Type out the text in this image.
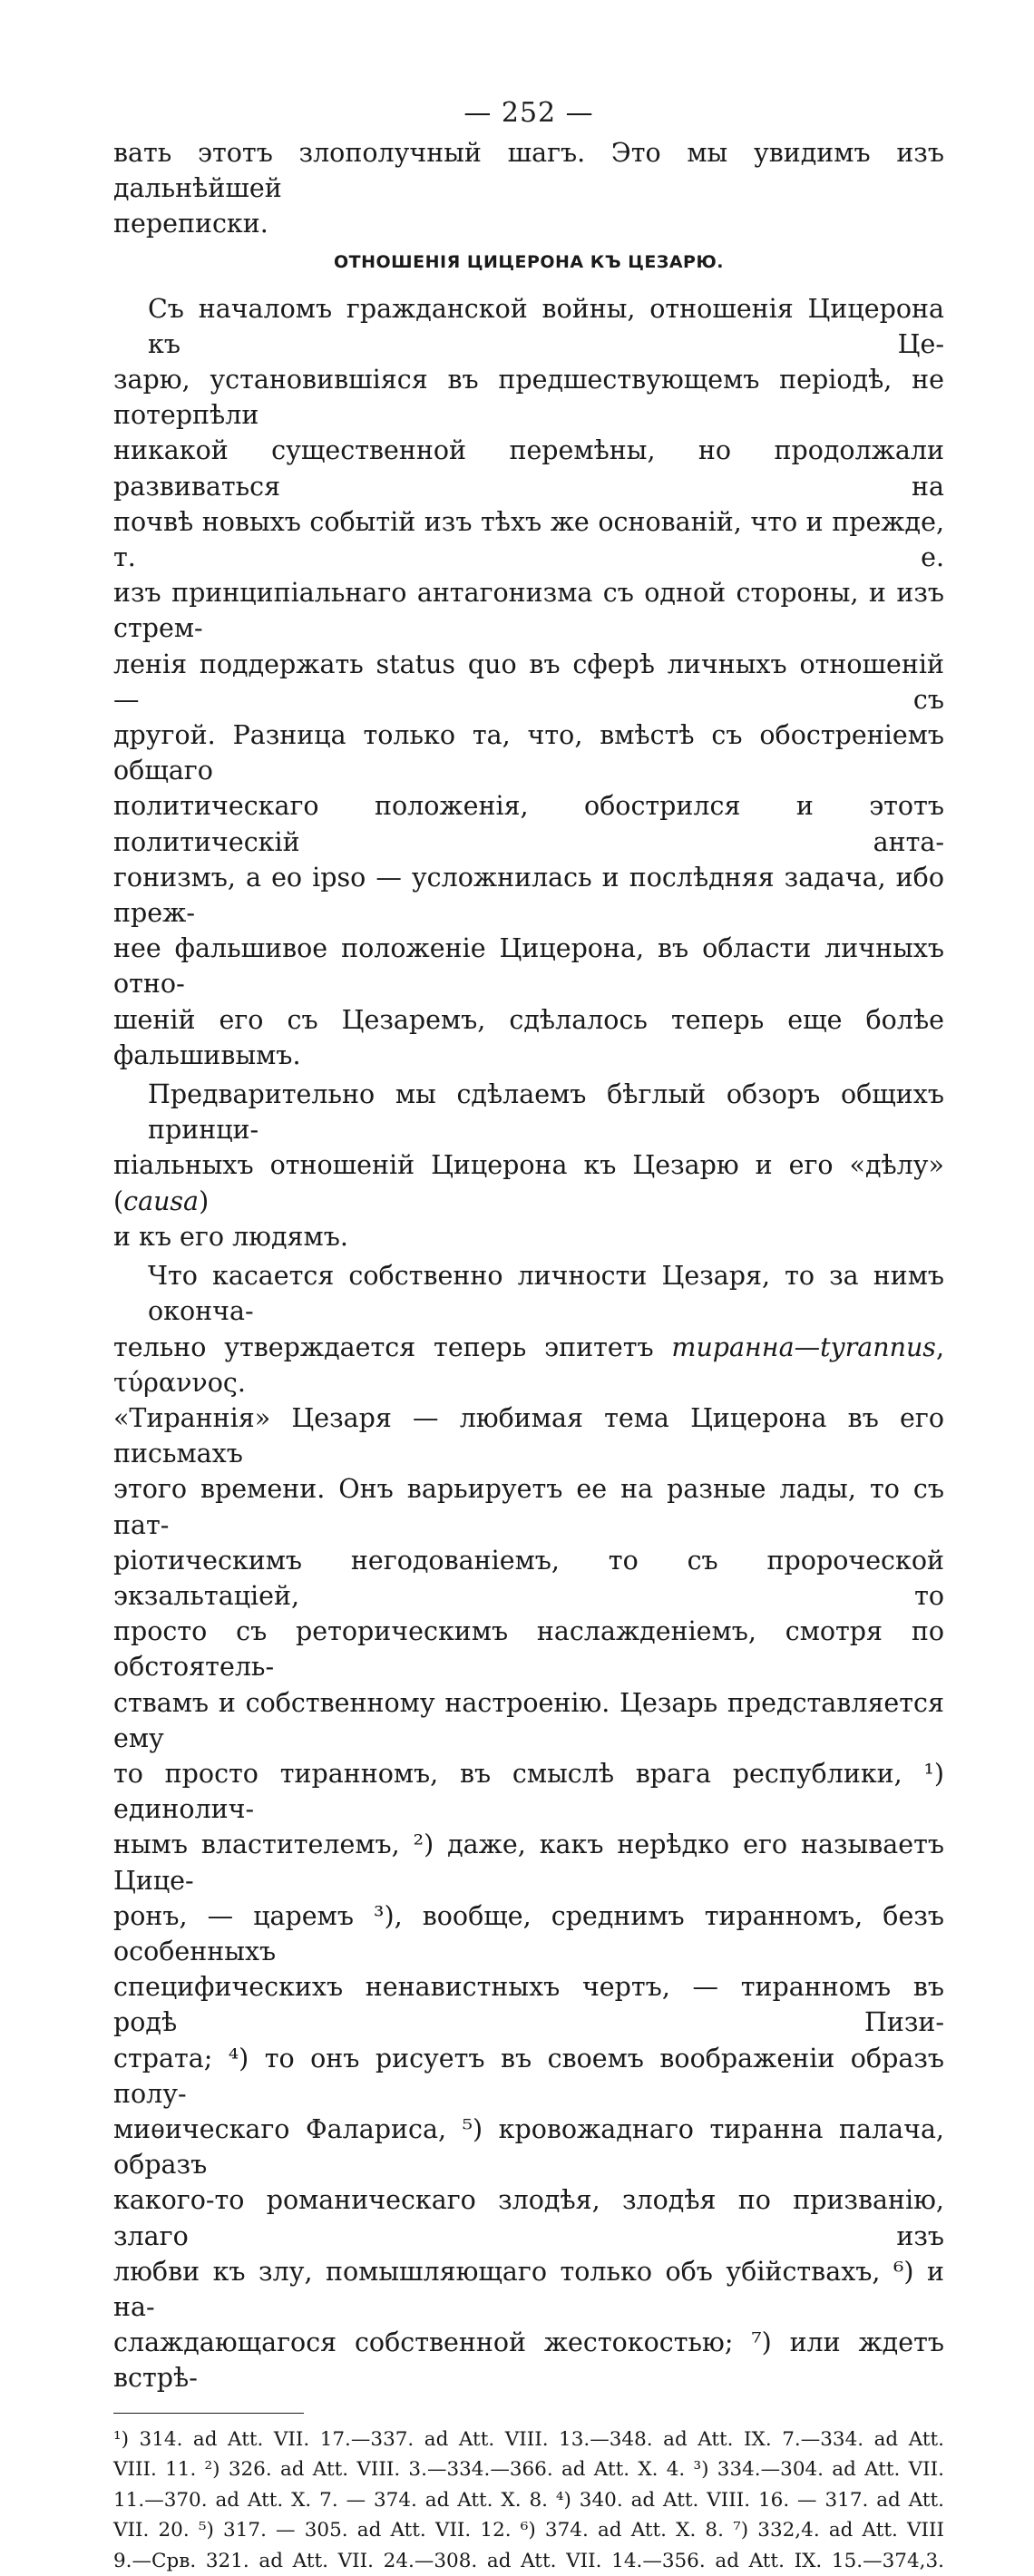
— 252 —
вать этотъ злополучный шагъ. Это мы увидимъ изъ дальнѣйшей
переписки.
ОТНОШЕНІЯ ЦИЦЕРОНА КЪ ЦЕЗАРЮ.
Съ началомъ гражданской войны, отношенія Цицерона къ Це-
зарю, установившіяся въ предшествующемъ періодѣ, не потерпѣли
никакой существенной перемѣны, но продолжали развиваться на
почвѣ новыхъ событій изъ тѣхъ же основаній, что и прежде, т. е.
изъ принципіальнаго антагонизма съ одной стороны, и изъ стрем-
ленія поддержать status quo въ сферѣ личныхъ отношеній — съ
другой. Разница только та, что, вмѣстѣ съ обостреніемъ общаго
политическаго положенія, обострился и этотъ политическій анта-
гонизмъ, а eo ipso — усложнилась и послѣдняя задача, ибо преж-
нее фальшивое положеніе Цицерона, въ области личныхъ отно-
шеній его съ Цезаремъ, сдѣлалось теперь еще болѣе фальшивымъ.
Предварительно мы сдѣлаемъ бѣглый обзоръ общихъ принци-
піальныхъ отношеній Цицерона къ Цезарю и его «дѣлу» (causa)
и къ его людямъ.
Что касается собственно личности Цезаря, то за нимъ оконча-
тельно утверждается теперь эпитетъ тиранна—tyrannus, τύραννος.
«Тираннія» Цезаря — любимая тема Цицерона въ его письмахъ
этого времени. Онъ варьируетъ ее на разные лады, то съ пат-
ріотическимъ негодованіемъ, то съ пророческой экзальтаціей, то
просто съ реторическимъ наслажденіемъ, смотря по обстоятель-
ствамъ и собственному настроенію. Цезарь представляется ему
то просто тиранномъ, въ смыслѣ врага республики, ¹) единолич-
нымъ властителемъ, ²) даже, какъ нерѣдко его называетъ Цице-
ронъ, — царемъ ³), вообще, среднимъ тиранномъ, безъ особенныхъ
специфическихъ ненавистныхъ чертъ, — тиранномъ въ родѣ Пизи-
страта; ⁴) то онъ рисуетъ въ своемъ воображеніи образъ полу-
миѳическаго Фалариса, ⁵) кровожаднаго тиранна палача, образъ
какого-то романическаго злодѣя, злодѣя по призванію, злаго изъ
любви къ злу, помышляющаго только объ убійствахъ, ⁶) и на-
слаждающагося собственной жестокостью; ⁷) или ждетъ встрѣ-
¹) 314. ad Att. VII. 17.—337. ad Att. VIII. 13.—348. ad Att. IX. 7.—334. ad Att.
VIII. 11. ²) 326. ad Att. VIII. 3.—334.—366. ad Att. X. 4. ³) 334.—304. ad Att. VII.
11.—370. ad Att. X. 7. — 374. ad Att. X. 8. ⁴) 340. ad Att. VIII. 16. — 317. ad Att.
VII. 20. ⁵) 317. — 305. ad Att. VII. 12. ⁶) 374. ad Att. X. 8. ⁷) 332,4. ad Att. VIII
9.—Срв. 321. ad Att. VII. 24.—308. ad Att. VII. 14.—356. ad Att. IX. 15.—374,3.
